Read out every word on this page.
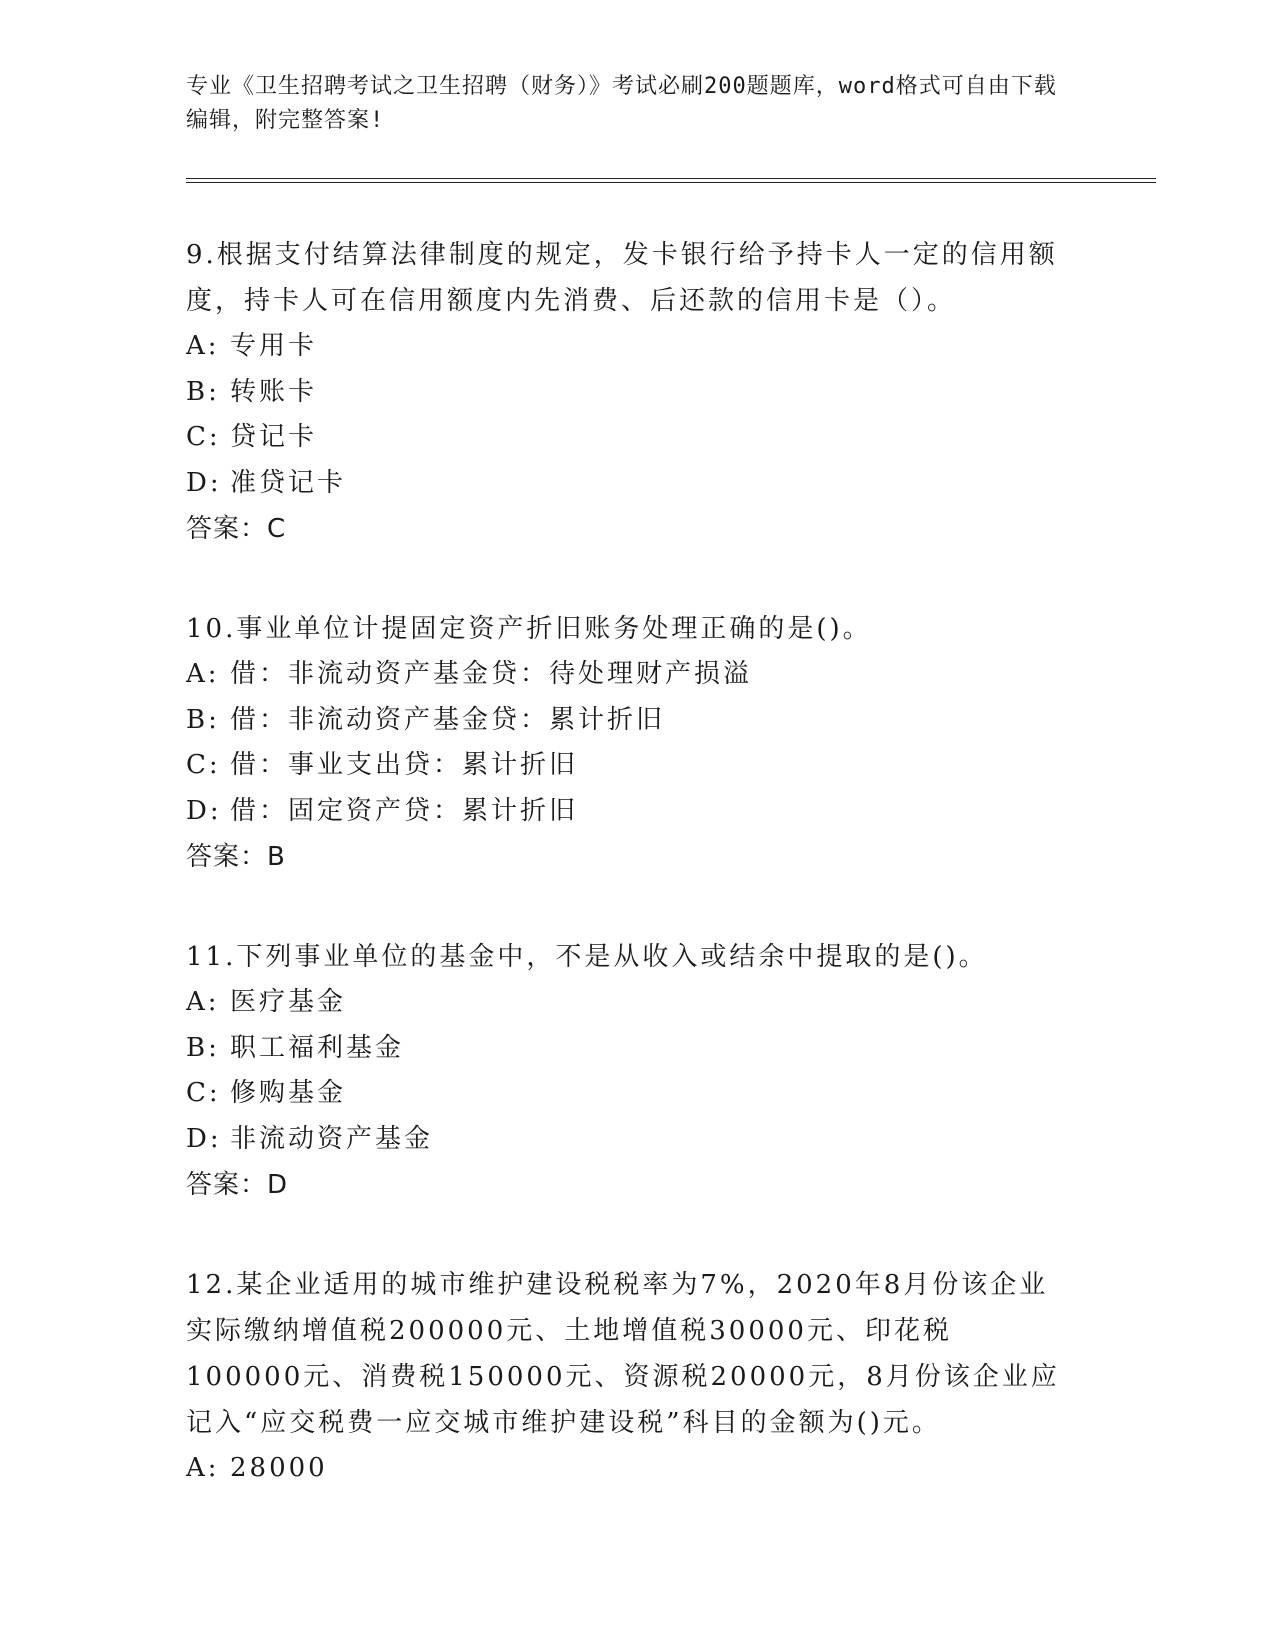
专业《卫生招聘考试之卫生招聘（财务）》考试必刷200题题库，word格式可自由下载编辑，附完整答案!

9.根据支付结算法律制度的规定，发卡银行给予持卡人一定的信用额度，持卡人可在信用额度内先消费、后还款的信用卡是（）。

A: 专用卡

B: 转账卡

C: 贷记卡

D: 准贷记卡

答案：C

10.事业单位计提固定资产折旧账务处理正确的是()。

A: 借：非流动资产基金贷：待处理财产损溢

B: 借：非流动资产基金贷：累计折旧

C: 借：事业支出贷：累计折旧

D: 借：固定资产贷：累计折旧

答案：B

11.下列事业单位的基金中，不是从收入或结余中提取的是()。

A: 医疗基金

B: 职工福利基金

C: 修购基金

D: 非流动资产基金

答案：D

12.某企业适用的城市维护建设税税率为7%，2020年8月份该企业实际缴纳增值税200000元、土地增值税30000元、印花税100000元、消费税150000元、资源税20000元，8月份该企业应记入“应交税费一应交城市维护建设税”科目的金额为()元。

A: 28000
